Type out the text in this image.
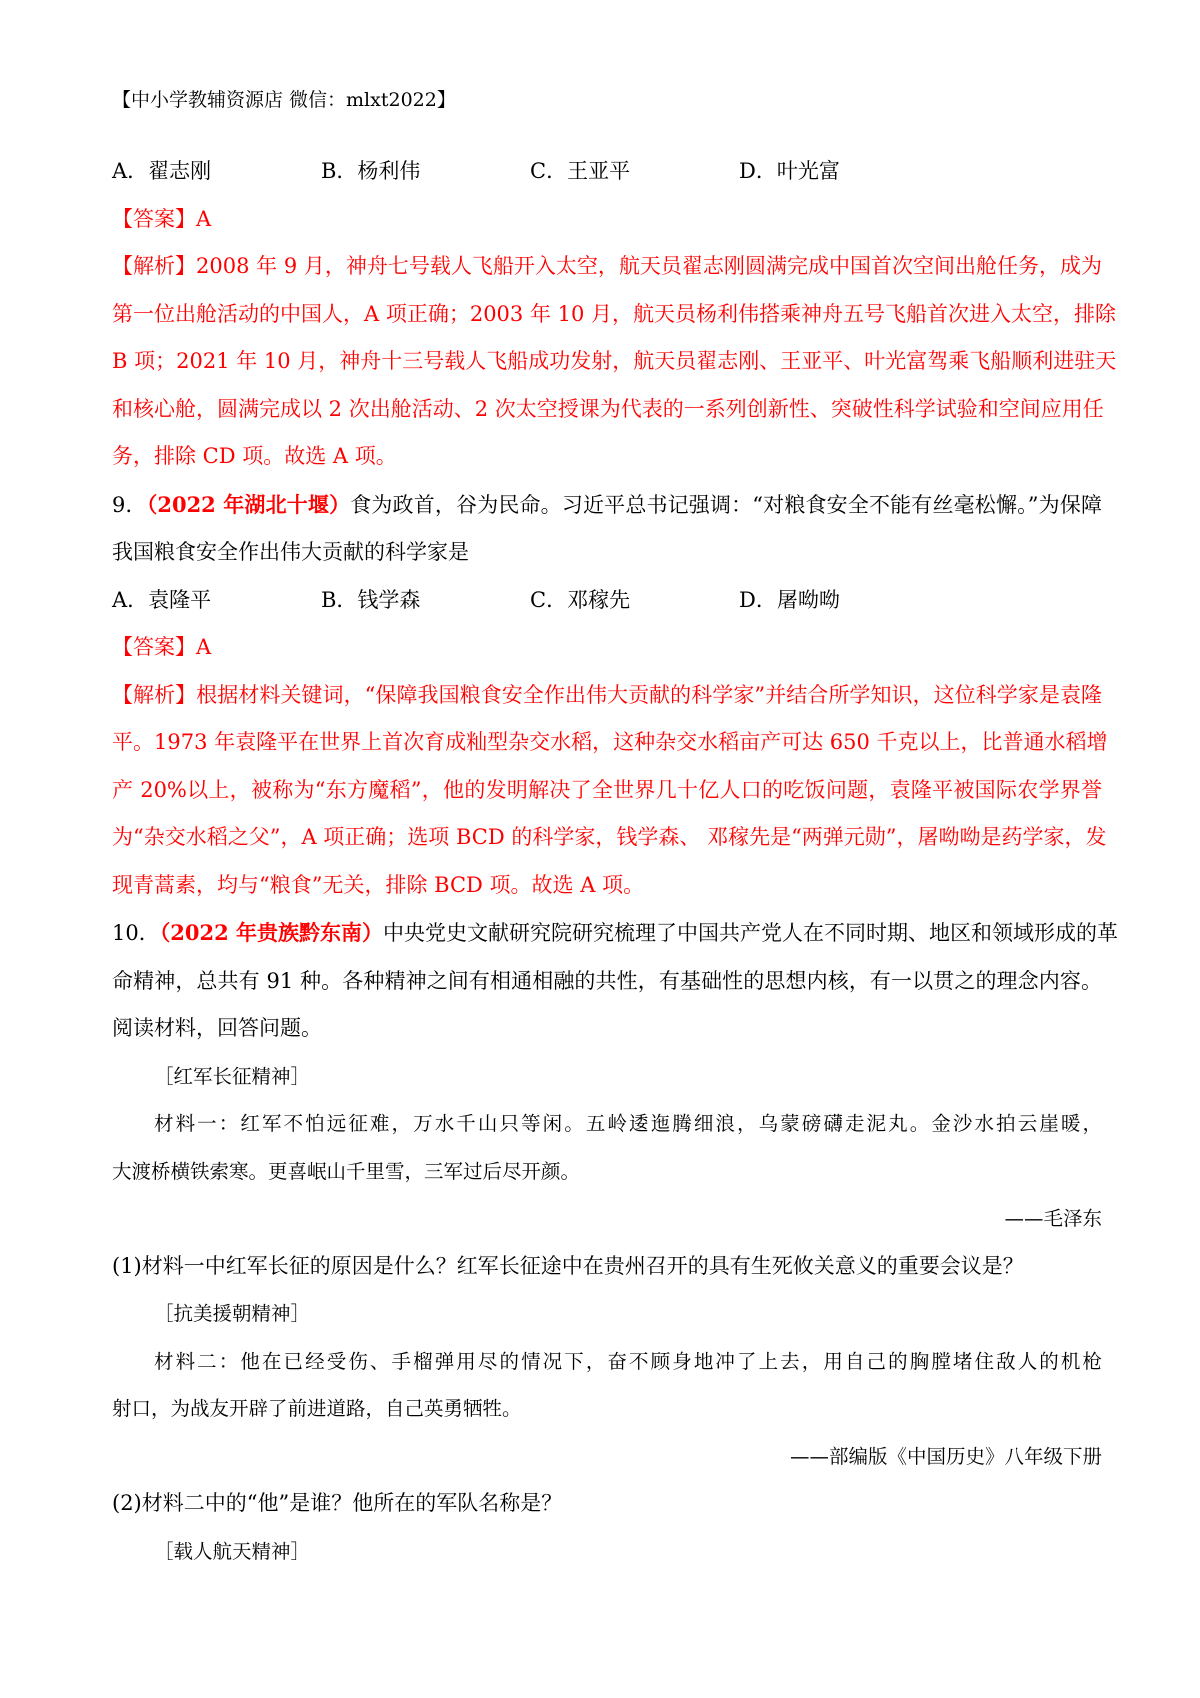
【中小学教辅资源店 微信：mlxt2022】
A．翟志刚	B．杨利伟	C．王亚平	D．叶光富
【答案】A
【解析】2008 年 9 月，神舟七号载人飞船开入太空，航天员翟志刚圆满完成中国首次空间出舱任务，成为
第一位出舱活动的中国人，A 项正确；2003 年 10 月，航天员杨利伟搭乘神舟五号飞船首次进入太空，排除
B 项；2021 年 10 月，神舟十三号载人飞船成功发射，航天员翟志刚、王亚平、叶光富驾乘飞船顺利进驻天
和核心舱，圆满完成以 2 次出舱活动、2 次太空授课为代表的一系列创新性、突破性科学试验和空间应用任
务，排除 CD 项。故选 A 项。
9．（2022 年湖北十堰）食为政首，谷为民命。习近平总书记强调：“对粮食安全不能有丝毫松懈。”为保障
我国粮食安全作出伟大贡献的科学家是
A．袁隆平	B．钱学森	C．邓稼先	D．屠呦呦
【答案】A
【解析】根据材料关键词，“保障我国粮食安全作出伟大贡献的科学家”并结合所学知识，这位科学家是袁隆
平。1973 年袁隆平在世界上首次育成籼型杂交水稻，这种杂交水稻亩产可达 650 千克以上，比普通水稻增
产 20%以上，被称为“东方魔稻”，他的发明解决了全世界几十亿人口的吃饭问题，袁隆平被国际农学界誉
为“杂交水稻之父”，A 项正确；选项 BCD 的科学家，钱学森、 邓稼先是“两弹元勋”，屠呦呦是药学家，发
现青蒿素，均与“粮食”无关，排除 BCD 项。故选 A 项。
10．（2022 年贵族黔东南）中央党史文献研究院研究梳理了中国共产党人在不同时期、地区和领域形成的革
命精神，总共有 91 种。各种精神之间有相通相融的共性，有基础性的思想内核，有一以贯之的理念内容。
阅读材料，回答问题。
［红军长征精神］
材料一：红军不怕远征难，万水千山只等闲。五岭逶迤腾细浪，乌蒙磅礴走泥丸。金沙水拍云崖暖，
大渡桥横铁索寒。更喜岷山千里雪，三军过后尽开颜。
——毛泽东
(1)材料一中红军长征的原因是什么？红军长征途中在贵州召开的具有生死攸关意义的重要会议是？
［抗美援朝精神］
材料二：他在已经受伤、手榴弹用尽的情况下，奋不顾身地冲了上去，用自己的胸膛堵住敌人的机枪
射口，为战友开辟了前进道路，自己英勇牺牲。
——部编版《中国历史》八年级下册
(2)材料二中的“他”是谁？他所在的军队名称是？
［载人航天精神］
